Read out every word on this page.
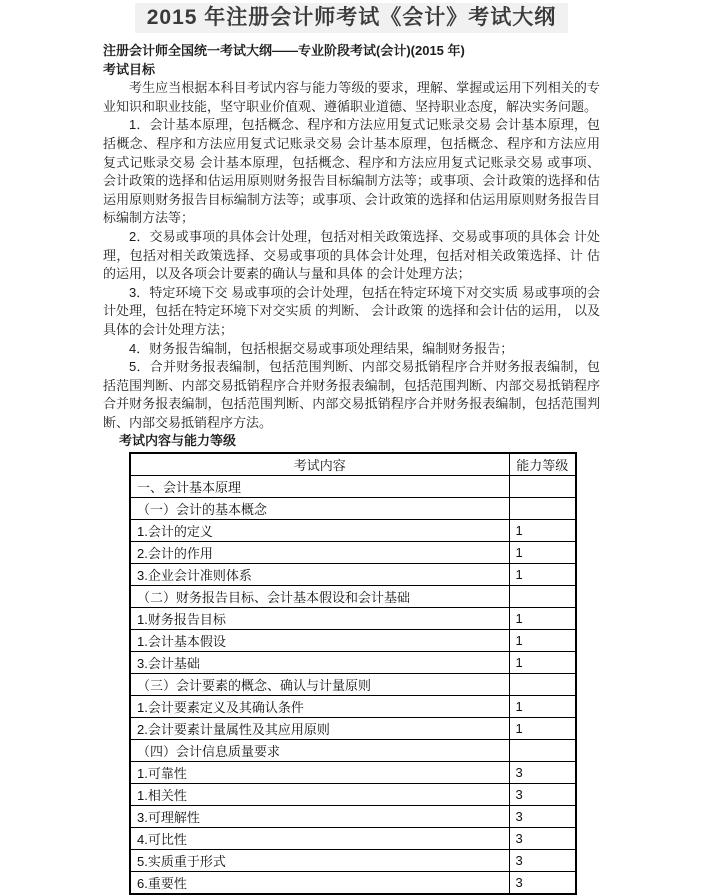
2015 年注册会计师考试《会计》考试大纲
注册会计师全国统一考试大纲——专业阶段考试(会计)(2015 年)
考试目标

考生应当根据本科目考试内容与能力等级的要求，理解、掌握或运用下列相关的专业知识和职业技能，坚守职业价值观、遵循职业道德、坚持职业态度，解决实务问题。

1．会计基本原理，包括概念、程序和方法应用复式记账录交易 会计基本原理，包括概念、程序和方法应用复式记账录交易 会计基本原理，包括概念、程序和方法应用复式记账录交易 会计基本原理，包括概念、程序和方法应用复式记账录交易 或事项、会计政策的选择和估运用原则财务报告目标编制方法等；或事项、会计政策的选择和估运用原则财务报告目标编制方法等；或事项、会计政策的选择和估运用原则财务报告目标编制方法等；

2．交易或事项的具体会计处理，包括对相关政策选择、交易或事项的具体会 计处理，包括对相关政策选择、交易或事项的具体会计处理，包括对相关政策选择、计 估的运用，以及各项会计要素的确认与量和具体 的会计处理方法；

3．特定环境下交 易或事项的会计处理，包括在特定环境下对交实质 易或事项的会计处理，包括在特定环境下对交实质 的判断、 会计政策 的选择和会计估的运用， 以及具体的会计处理方法；

4．财务报告编制，包括根据交易或事项处理结果，编制财务报告；

5．合并财务报表编制，包括范围判断、内部交易抵销程序合并财务报表编制，包括范围判断、内部交易抵销程序合并财务报表编制，包括范围判断、内部交易抵销程序合并财务报表编制，包括范围判断、内部交易抵销程序合并财务报表编制，包括范围判断、内部交易抵销程序方法。

考试内容与能力等级
考试内容	能力等级
一、会计基本原理	
（一）会计的基本概念	
1.会计的定义	1
2.会计的作用	1
3.企业会计准则体系	1
（二）财务报告目标、会计基本假设和会计基础	
1.财务报告目标	1
1.会计基本假设	1
3.会计基础	1
（三）会计要素的概念、确认与计量原则	
1.会计要素定义及其确认条件	1
2.会计要素计量属性及其应用原则	1
（四）会计信息质量要求	
1.可靠性	3
1.相关性	3
3.可理解性	3
4.可比性	3
5.实质重于形式	3
6.重要性	3
